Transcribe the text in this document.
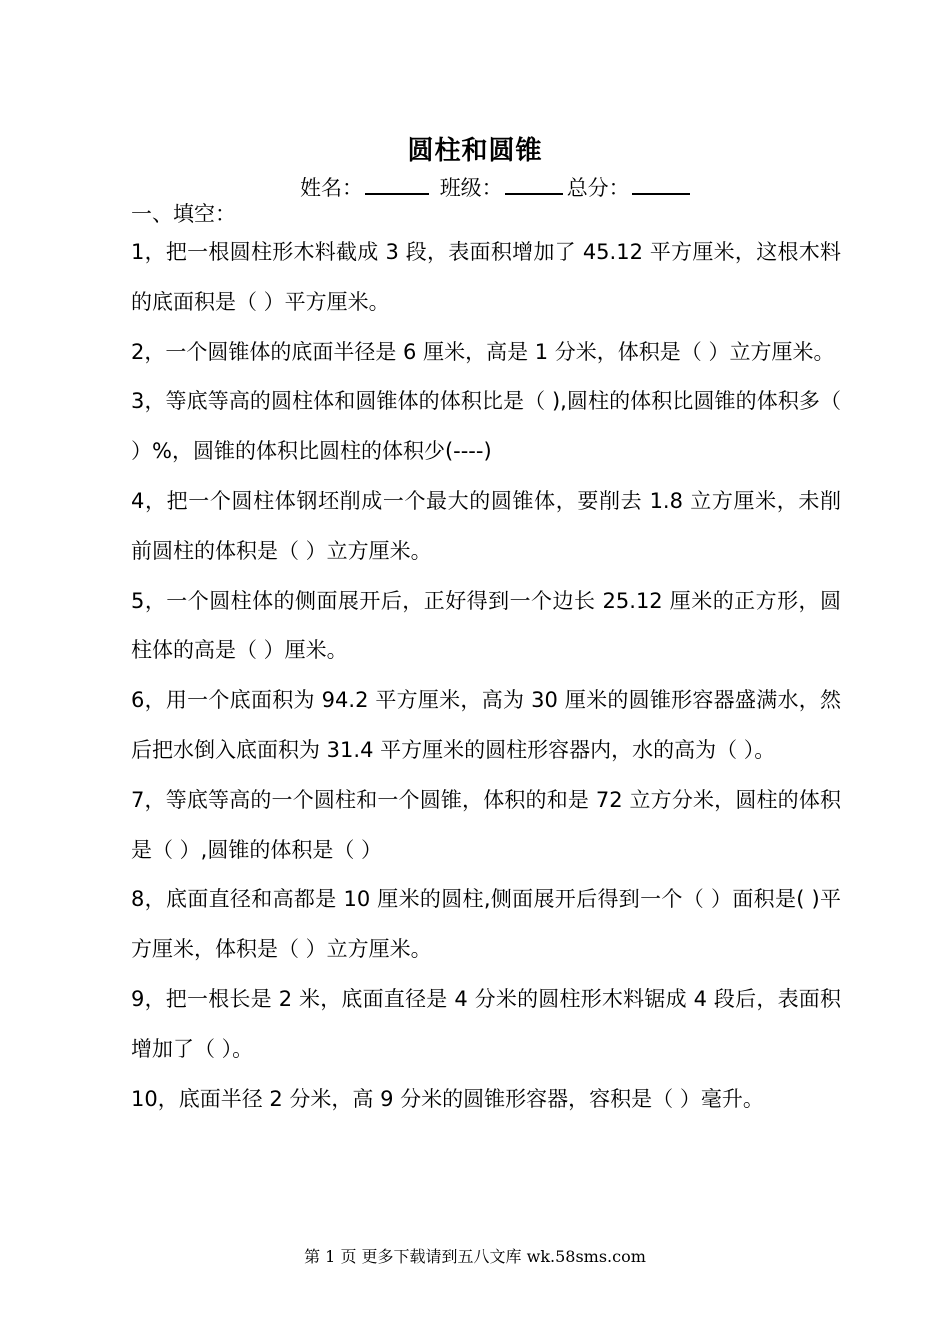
圆柱和圆锥
姓名：	班级：	总分：
一、填空：

1，把一根圆柱形木料截成 3 段，表面积增加了 45.12 平方厘米，这根木料的底面积是（ ）平方厘米。

2，一个圆锥体的底面半径是 6 厘米，高是 1 分米，体积是（ ）立方厘米。

3，等底等高的圆柱体和圆锥体的体积比是（ ),圆柱的体积比圆锥的体积多（ ）%，圆锥的体积比圆柱的体积少(----)

4，把一个圆柱体钢坯削成一个最大的圆锥体，要削去 1.8 立方厘米，未削前圆柱的体积是（ ）立方厘米。

5，一个圆柱体的侧面展开后，正好得到一个边长 25.12 厘米的正方形，圆柱体的高是（ ）厘米。

6，用一个底面积为 94.2 平方厘米，高为 30 厘米的圆锥形容器盛满水，然后把水倒入底面积为 31.4 平方厘米的圆柱形容器内，水的高为（ ）。

7，等底等高的一个圆柱和一个圆锥，体积的和是 72 立方分米，圆柱的体积是（ ）,圆锥的体积是（ ）

8，底面直径和高都是 10 厘米的圆柱,侧面展开后得到一个（ ）面积是( )平方厘米，体积是（ ）立方厘米。

9，把一根长是 2 米，底面直径是 4 分米的圆柱形木料锯成 4 段后，表面积增加了（ ）。

10，底面半径 2 分米，高 9 分米的圆锥形容器，容积是（ ）毫升。

第 1 页 更多下载请到五八文库 wk.58sms.com
